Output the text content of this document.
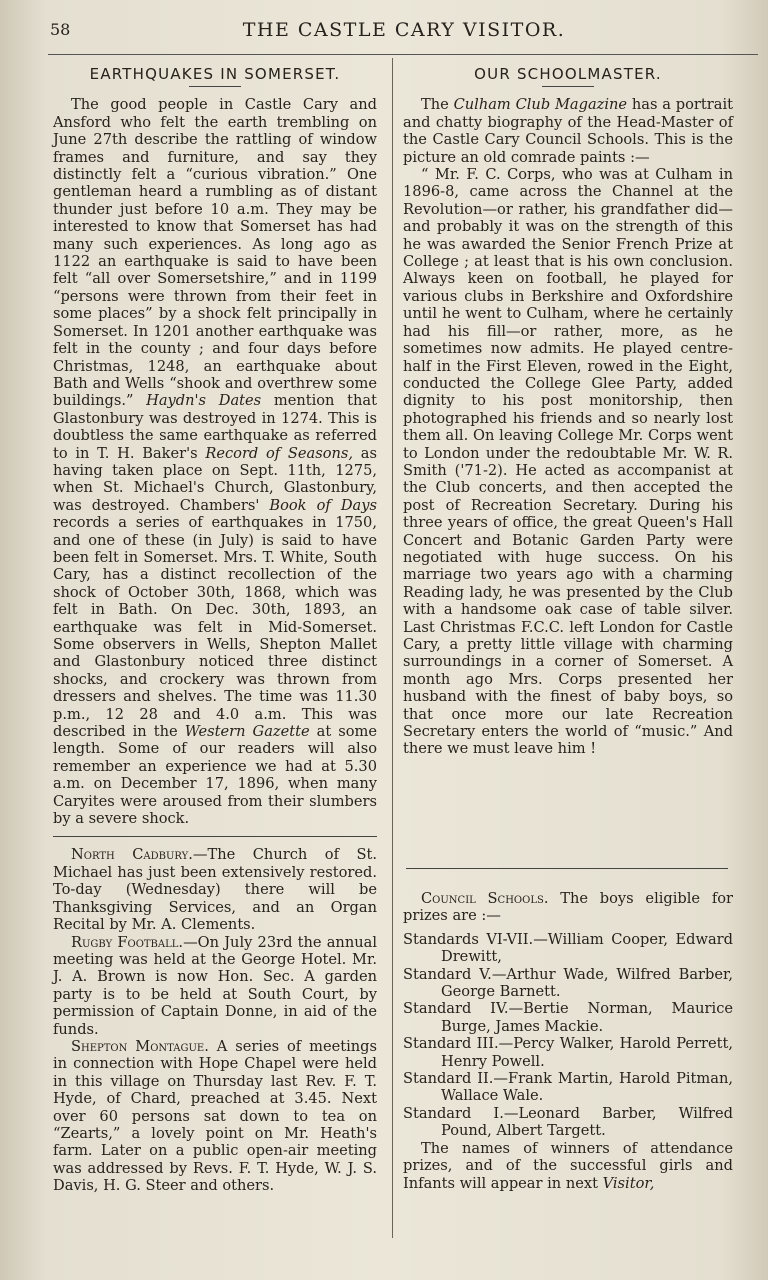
58	THE CASTLE CARY VISITOR.
EARTHQUAKES IN SOMERSET.

The good people in Castle Cary and Ansford who felt the earth trembling on June 27th describe the rattling of window frames and furniture, and say they distinctly felt a “curious vibration.” One gentleman heard a rumbling as of distant thunder just before 10 a.m. They may be interested to know that Somerset has had many such experiences. As long ago as 1122 an earthquake is said to have been felt “all over Somersetshire,” and in 1199 “persons were thrown from their feet in some places” by a shock felt principally in Somerset. In 1201 another earthquake was felt in the county ; and four days before Christmas, 1248, an earthquake about Bath and Wells “shook and overthrew some buildings.” Haydn's Dates mention that Glastonbury was destroyed in 1274. This is doubtless the same earthquake as referred to in T. H. Baker's Record of Seasons, as having taken place on Sept. 11th, 1275, when St. Michael's Church, Glastonbury, was destroyed. Chambers' Book of Days records a series of earthquakes in 1750, and one of these (in July) is said to have been felt in Somerset. Mrs. T. White, South Cary, has a distinct recollection of the shock of October 30th, 1868, which was felt in Bath. On Dec. 30th, 1893, an earthquake was felt in Mid-Somerset. Some observers in Wells, Shepton Mallet and Glastonbury noticed three distinct shocks, and crockery was thrown from dressers and shelves. The time was 11.30 p.m., 12 28 and 4.0 a.m. This was described in the Western Gazette at some length. Some of our readers will also remember an experience we had at 5.30 a.m. on December 17, 1896, when many Caryites were aroused from their slumbers by a severe shock.

North Cadbury.—The Church of St. Michael has just been extensively restored. To-day (Wednesday) there will be Thanksgiving Services, and an Organ Recital by Mr. A. Clements.

Rugby Football.—On July 23rd the annual meeting was held at the George Hotel. Mr. J. A. Brown is now Hon. Sec. A garden party is to be held at South Court, by permission of Captain Donne, in aid of the funds.

Shepton Montague. A series of meetings in connection with Hope Chapel were held in this village on Thursday last Rev. F. T. Hyde, of Chard, preached at 3.45. Next over 60 persons sat down to tea on “Zearts,” a lovely point on Mr. Heath's farm. Later on a public open-air meeting was addressed by Revs. F. T. Hyde, W. J. S. Davis, H. G. Steer and others.

OUR SCHOOLMASTER.

The Culham Club Magazine has a portrait and chatty biography of the Head-Master of the Castle Cary Council Schools. This is the picture an old comrade paints :—

“ Mr. F. C. Corps, who was at Culham in 1896-8, came across the Channel at the Revolution—or rather, his grandfather did—and probably it was on the strength of this he was awarded the Senior French Prize at College ; at least that is his own conclusion. Always keen on football, he played for various clubs in Berkshire and Oxfordshire until he went to Culham, where he certainly had his fill—or rather, more, as he sometimes now admits. He played centre-half in the First Eleven, rowed in the Eight, conducted the College Glee Party, added dignity to his post monitorship, then photographed his friends and so nearly lost them all. On leaving College Mr. Corps went to London under the redoubtable Mr. W. R. Smith ('71-2). He acted as accompanist at the Club concerts, and then accepted the post of Recreation Secretary. During his three years of office, the great Queen's Hall Concert and Botanic Garden Party were negotiated with huge success. On his marriage two years ago with a charming Reading lady, he was presented by the Club with a handsome oak case of table silver. Last Christmas F.C.C. left London for Castle Cary, a pretty little village with charming surroundings in a corner of Somerset. A month ago Mrs. Corps presented her husband with the finest of baby boys, so that once more our late Recreation Secretary enters the world of “music.” And there we must leave him !

Council Schools. The boys eligible for prizes are :—

Standards VI-VII.—William Cooper, Edward Drewitt,

Standard V.—Arthur Wade, Wilfred Barber, George Barnett.

Standard IV.—Bertie Norman, Maurice Burge, James Mackie.

Standard III.—Percy Walker, Harold Perrett, Henry Powell.

Standard II.—Frank Martin, Harold Pitman, Wallace Wale.

Standard I.—Leonard Barber, Wilfred Pound, Albert Targett.

The names of winners of attendance prizes, and of the successful girls and Infants will appear in next Visitor,
